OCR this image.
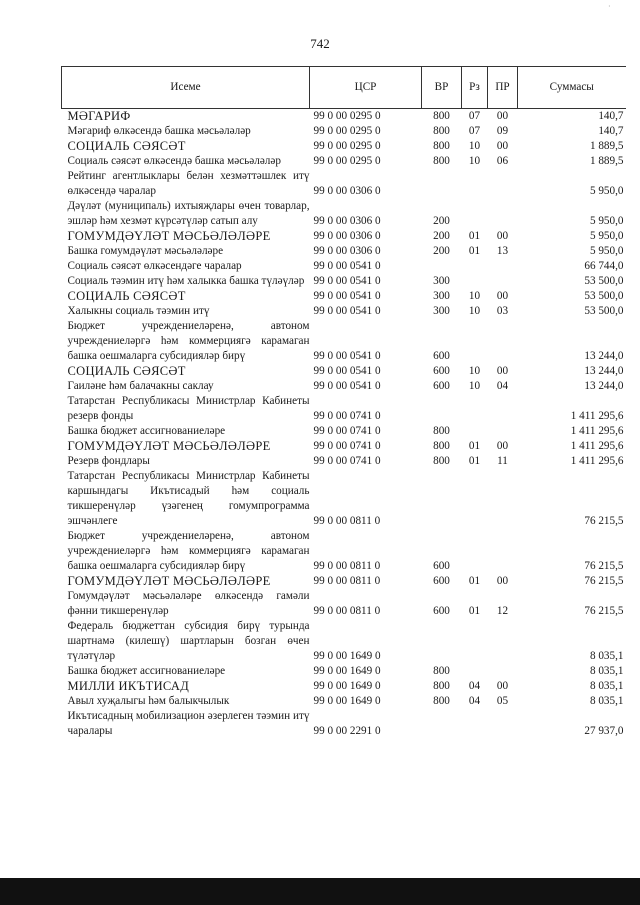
742
·
Исеме	ЦСР	ВР	Рз	ПР	Суммасы
МӘГАРИФ	99 0 00 0295 0	800	07	00	140,7
Мәгариф өлкәсендә башка мәсьәләләр	99 0 00 0295 0	800	07	09	140,7
СОЦИАЛЬ СӘЯСӘТ	99 0 00 0295 0	800	10	00	1 889,5
Социаль сәясәт өлкәсендә башка мәсьәләләр	99 0 00 0295 0	800	10	06	1 889,5
Рейтинг агентлыклары белән хезмәттәшлек итү өлкәсендә чаралар	99 0 00 0306 0				5 950,0
Дәүләт (муниципаль) ихтыяҗлары өчен товарлар, эшләр һәм хезмәт күрсәтүләр сатып алу	99 0 00 0306 0	200			5 950,0
ГОМУМДӘҮЛӘТ МӘСЬӘЛӘЛӘРЕ	99 0 00 0306 0	200	01	00	5 950,0
Башка гомумдәүләт мәсьәләләре	99 0 00 0306 0	200	01	13	5 950,0
Социаль сәясәт өлкәсендәге чаралар	99 0 00 0541 0				66 744,0
Социаль тәэмин итү һәм халыкка башка түләүләр	99 0 00 0541 0	300			53 500,0
СОЦИАЛЬ СӘЯСӘТ	99 0 00 0541 0	300	10	00	53 500,0
Халыкны социаль тәэмин итү	99 0 00 0541 0	300	10	03	53 500,0
Бюджет учреждениеләренә, автоном учреждениеләргә һәм коммерциягә карамаган башка оешмаларга субсидияләр бирү	99 0 00 0541 0	600			13 244,0
СОЦИАЛЬ СӘЯСӘТ	99 0 00 0541 0	600	10	00	13 244,0
Гаиләне һәм балачакны саклау	99 0 00 0541 0	600	10	04	13 244,0
Татарстан Республикасы Министрлар Кабинеты резерв фонды	99 0 00 0741 0				1 411 295,6
Башка бюджет ассигнованиеләре	99 0 00 0741 0	800			1 411 295,6
ГОМУМДӘҮЛӘТ МӘСЬӘЛӘЛӘРЕ	99 0 00 0741 0	800	01	00	1 411 295,6
Резерв фондлары	99 0 00 0741 0	800	01	11	1 411 295,6
Татарстан Республикасы Министрлар Кабинеты каршындагы Икътисадый һәм социаль тикшеренүләр үзәгенең гомумпрограмма эшчәнлеге	99 0 00 0811 0				76 215,5
Бюджет учреждениеләренә, автоном учреждениеләргә һәм коммерциягә карамаган башка оешмаларга субсидияләр бирү	99 0 00 0811 0	600			76 215,5
ГОМУМДӘҮЛӘТ МӘСЬӘЛӘЛӘРЕ	99 0 00 0811 0	600	01	00	76 215,5
Гомумдәүләт мәсьәләләре өлкәсендә гамәли фәнни тикшеренүләр	99 0 00 0811 0	600	01	12	76 215,5
Федераль бюджеттан субсидия бирү турында шартнамә (килешү) шартларын бозган өчен түләтүләр	99 0 00 1649 0				8 035,1
Башка бюджет ассигнованиеләре	99 0 00 1649 0	800			8 035,1
МИЛЛИ ИКЪТИСАД	99 0 00 1649 0	800	04	00	8 035,1
Авыл хуҗалыгы һәм балыкчылык	99 0 00 1649 0	800	04	05	8 035,1
Икътисадның мобилизацион әзерлеген тәэмин итү чаралары	99 0 00 2291 0				27 937,0
